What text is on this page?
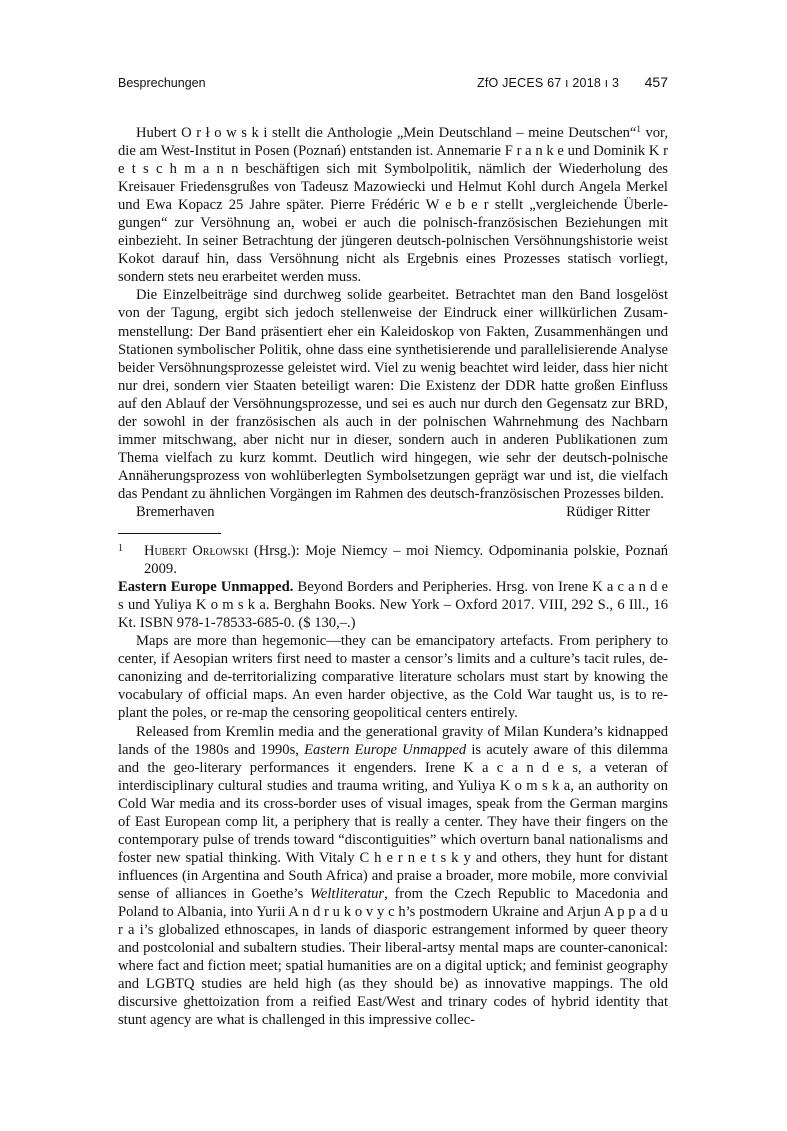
Besprechungen	ZfO JECES 67 ı 2018 ı 3 457

Hubert O r ł o w s k i stellt die Anthologie „Mein Deutschland – meine Deutschen“$^1$ vor, die am West-Institut in Posen (Poznań) entstanden ist. Annemarie F r a n k e und Dominik K r e t s c h m a n n beschäftigen sich mit Symbolpolitik, nämlich der Wiederholung des Kreisauer Friedensgrußes von Tadeusz Mazowiecki und Helmut Kohl durch Angela Merkel und Ewa Kopacz 25 Jahre später. Pierre Frédéric W e b e r stellt „vergleichende Überlegungen“ zur Versöhnung an, wobei er auch die polnisch-französischen Beziehungen mit einbezieht. In seiner Betrachtung der jüngeren deutsch-polnischen Versöhnungshistorie weist Kokot darauf hin, dass Versöhnung nicht als Ergebnis eines Prozesses statisch vorliegt, sondern stets neu erarbeitet werden muss.

Die Einzelbeiträge sind durchweg solide gearbeitet. Betrachtet man den Band losgelöst von der Tagung, ergibt sich jedoch stellenweise der Eindruck einer willkürlichen Zusammenstellung: Der Band präsentiert eher ein Kaleidoskop von Fakten, Zusammenhängen und Stationen symbolischer Politik, ohne dass eine synthetisierende und parallelisierende Analyse beider Versöhnungsprozesse geleistet wird. Viel zu wenig beachtet wird leider, dass hier nicht nur drei, sondern vier Staaten beteiligt waren: Die Existenz der DDR hatte großen Einfluss auf den Ablauf der Versöhnungsprozesse, und sei es auch nur durch den Gegensatz zur BRD, der sowohl in der französischen als auch in der polnischen Wahrnehmung des Nachbarn immer mitschwang, aber nicht nur in dieser, sondern auch in anderen Publikationen zum Thema vielfach zu kurz kommt. Deutlich wird hingegen, wie sehr der deutsch-polnische Annäherungsprozess von wohlüberlegten Symbolsetzungen geprägt war und ist, die vielfach das Pendant zu ähnlichen Vorgängen im Rahmen des deutsch-französischen Prozesses bilden.

Bremerhaven	Rüdiger Ritter
1 Hubert Orłowski (Hrsg.): Moje Niemcy – moi Niemcy. Odpominania polskie, Poznań 2009.

Eastern Europe Unmapped. Beyond Borders and Peripheries. Hrsg. von Irene K a c a n d e s und Yuliya K o m s k a. Berghahn Books. New York – Oxford 2017. VIII, 292 S., 6 Ill., 16 Kt. ISBN 978-1-78533-685-0. ($ 130,–.)

Maps are more than hegemonic—they can be emancipatory artefacts. From periphery to center, if Aesopian writers first need to master a censor’s limits and a culture’s tacit rules, de-canonizing and de-territorializing comparative literature scholars must start by knowing the vocabulary of official maps. An even harder objective, as the Cold War taught us, is to re-plant the poles, or re-map the censoring geopolitical centers entirely.

Released from Kremlin media and the generational gravity of Milan Kundera’s kidnapped lands of the 1980s and 1990s, Eastern Europe Unmapped is acutely aware of this dilemma and the geo-literary performances it engenders. Irene K a c a n d e s, a veteran of interdisciplinary cultural studies and trauma writing, and Yuliya K o m s k a, an authority on Cold War media and its cross-border uses of visual images, speak from the German margins of East European comp lit, a periphery that is really a center. They have their fingers on the contemporary pulse of trends toward “discontiguities” which overturn banal nationalisms and foster new spatial thinking. With Vitaly C h e r n e t s k y and others, they hunt for distant influences (in Argentina and South Africa) and praise a broader, more mobile, more convivial sense of alliances in Goethe’s Weltliteratur, from the Czech Republic to Macedonia and Poland to Albania, into Yurii A n d r u k o v y c h’s postmodern Ukraine and Arjun A p p a d u r a i’s globalized ethnoscapes, in lands of diasporic estrangement informed by queer theory and postcolonial and subaltern studies. Their liberal-artsy mental maps are counter-canonical: where fact and fiction meet; spatial humanities are on a digital uptick; and feminist geography and LGBTQ studies are held high (as they should be) as innovative mappings. The old discursive ghettoization from a reified East/West and trinary codes of hybrid identity that stunt agency are what is challenged in this impressive collec-
